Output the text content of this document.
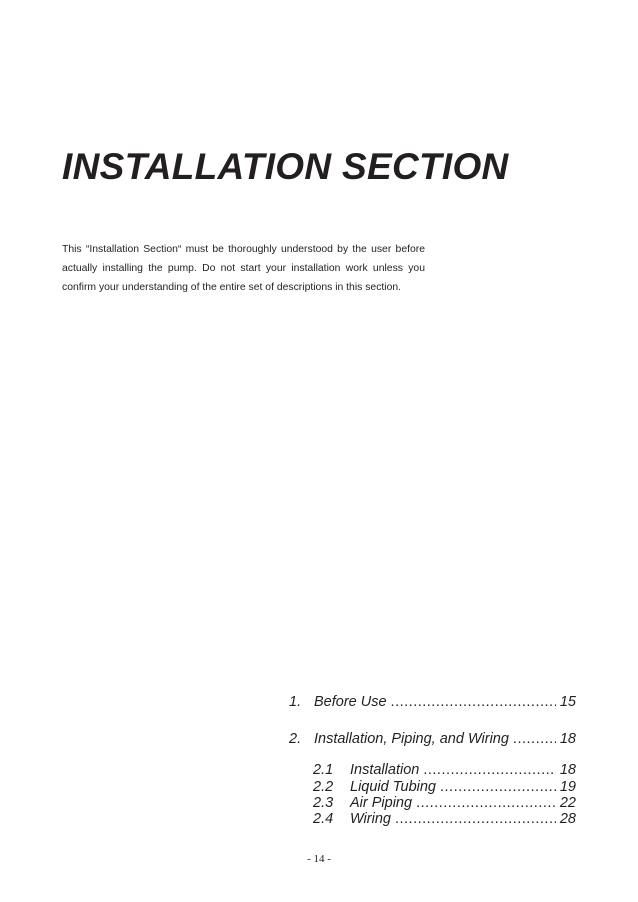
INSTALLATION SECTION

This “Installation Section“ must be thoroughly understood by the user before
actually installing the pump. Do not start your installation work unless you
confirm your understanding of the entire set of descriptions in this section.

1. Before Use .....	15
2. Installation, Piping, and Wiring .....	18
2.1	Installation .....	18
2.2	Liquid Tubing .....	19
2.3	Air Piping .....	22
2.4	Wiring .....	28
- 14 -
